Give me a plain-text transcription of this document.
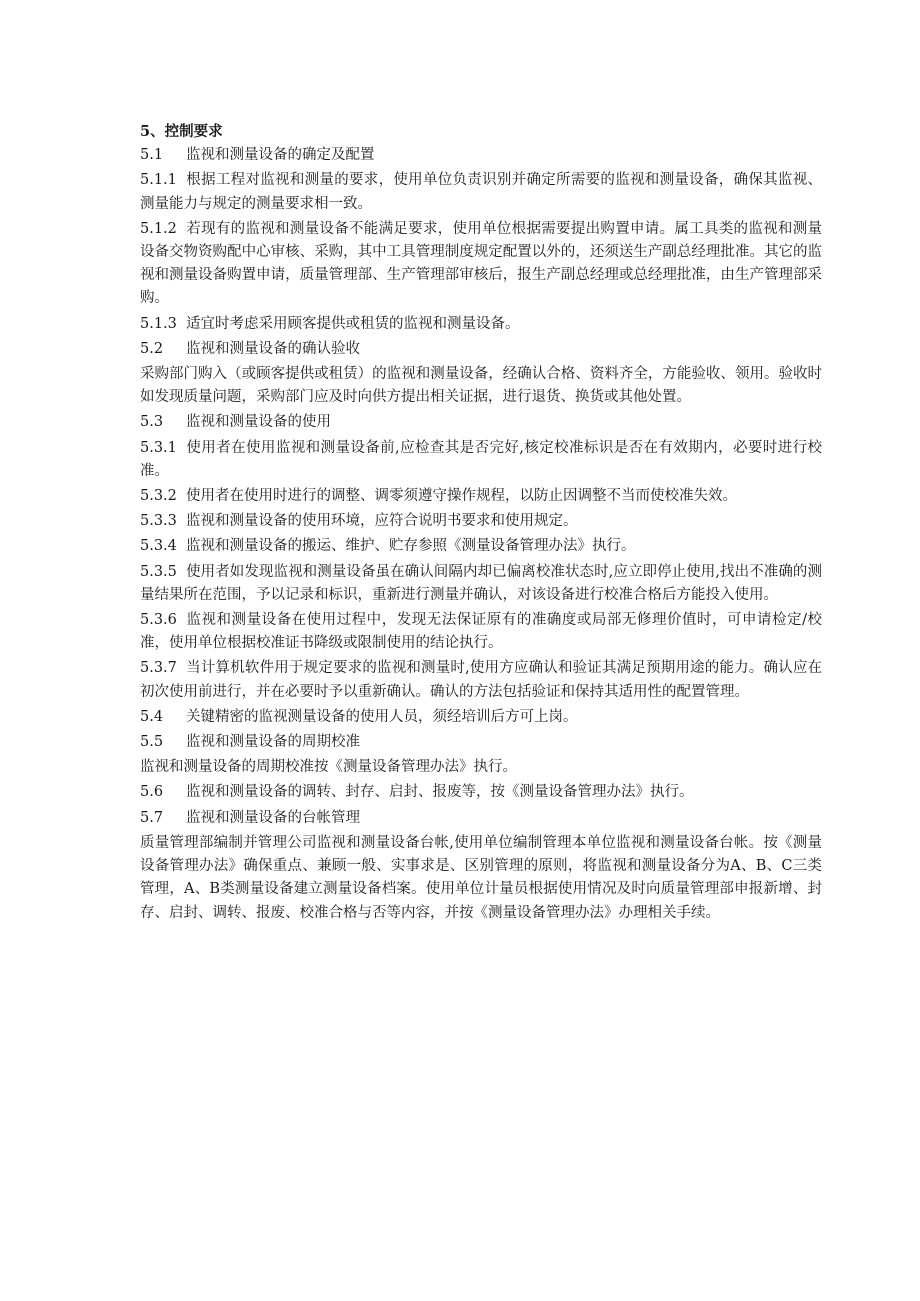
5、控制要求

5.1 监视和测量设备的确定及配置

5.1.1 根据工程对监视和测量的要求，使用单位负责识别并确定所需要的监视和测量设备，确保其监视、测量能力与规定的测量要求相一致。

5.1.2 若现有的监视和测量设备不能满足要求，使用单位根据需要提出购置申请。属工具类的监视和测量设备交物资购配中心审核、采购，其中工具管理制度规定配置以外的，还须送生产副总经理批准。其它的监视和测量设备购置申请，质量管理部、生产管理部审核后，报生产副总经理或总经理批准，由生产管理部采购。

5.1.3 适宜时考虑采用顾客提供或租赁的监视和测量设备。

5.2 监视和测量设备的确认验收

采购部门购入（或顾客提供或租赁）的监视和测量设备，经确认合格、资料齐全，方能验收、领用。验收时如发现质量问题，采购部门应及时向供方提出相关证据，进行退货、换货或其他处置。

5.3 监视和测量设备的使用

5.3.1 使用者在使用监视和测量设备前,应检查其是否完好,核定校准标识是否在有效期内，必要时进行校准。

5.3.2 使用者在使用时进行的调整、调零须遵守操作规程，以防止因调整不当而使校准失效。

5.3.3 监视和测量设备的使用环境，应符合说明书要求和使用规定。

5.3.4 监视和测量设备的搬运、维护、贮存参照《测量设备管理办法》执行。

5.3.5 使用者如发现监视和测量设备虽在确认间隔内却已偏离校准状态时,应立即停止使用,找出不准确的测量结果所在范围，予以记录和标识，重新进行测量并确认，对该设备进行校准合格后方能投入使用。

5.3.6 监视和测量设备在使用过程中，发现无法保证原有的准确度或局部无修理价值时，可申请检定/校准，使用单位根据校准证书降级或限制使用的结论执行。

5.3.7 当计算机软件用于规定要求的监视和测量时,使用方应确认和验证其满足预期用途的能力。确认应在初次使用前进行，并在必要时予以重新确认。确认的方法包括验证和保持其适用性的配置管理。

5.4 关键精密的监视测量设备的使用人员，须经培训后方可上岗。

5.5 监视和测量设备的周期校准

监视和测量设备的周期校准按《测量设备管理办法》执行。

5.6 监视和测量设备的调转、封存、启封、报废等，按《测量设备管理办法》执行。

5.7 监视和测量设备的台帐管理

质量管理部编制并管理公司监视和测量设备台帐,使用单位编制管理本单位监视和测量设备台帐。按《测量设备管理办法》确保重点、兼顾一般、实事求是、区别管理的原则，将监视和测量设备分为A、B、C三类管理，A、B类测量设备建立测量设备档案。使用单位计量员根据使用情况及时向质量管理部申报新增、封存、启封、调转、报废、校准合格与否等内容，并按《测量设备管理办法》办理相关手续。
